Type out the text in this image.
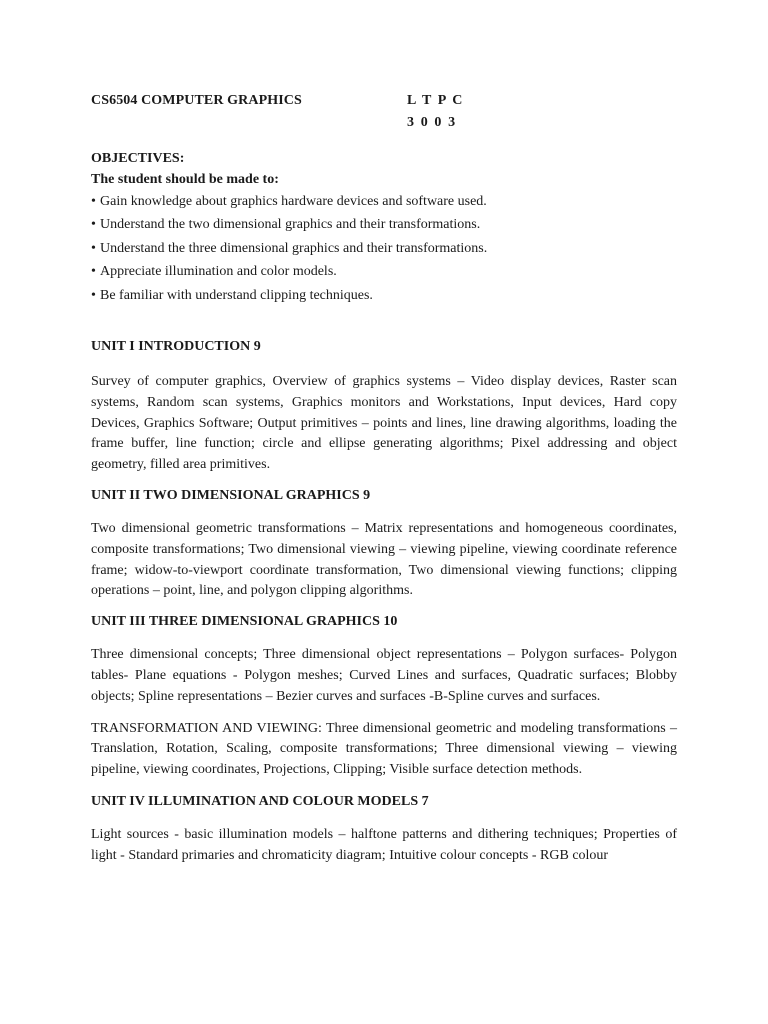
CS6504 COMPUTER GRAPHICS	L T P C
3 0 0 3
OBJECTIVES:
The student should be made to:
• Gain knowledge about graphics hardware devices and software used.
• Understand the two dimensional graphics and their transformations.
• Understand the three dimensional graphics and their transformations.
• Appreciate illumination and color models.
• Be familiar with understand clipping techniques.
UNIT I INTRODUCTION 9

Survey of computer graphics, Overview of graphics systems – Video display devices, Raster scan systems, Random scan systems, Graphics monitors and Workstations, Input devices, Hard copy Devices, Graphics Software; Output primitives – points and lines, line drawing algorithms, loading the frame buffer, line function; circle and ellipse generating algorithms; Pixel addressing and object geometry, filled area primitives.

UNIT II TWO DIMENSIONAL GRAPHICS 9

Two dimensional geometric transformations – Matrix representations and homogeneous coordinates, composite transformations; Two dimensional viewing – viewing pipeline, viewing coordinate reference frame; widow-to-viewport coordinate transformation, Two dimensional viewing functions; clipping operations – point, line, and polygon clipping algorithms.

UNIT III THREE DIMENSIONAL GRAPHICS 10

Three dimensional concepts; Three dimensional object representations – Polygon surfaces- Polygon tables- Plane equations - Polygon meshes; Curved Lines and surfaces, Quadratic surfaces; Blobby objects; Spline representations – Bezier curves and surfaces -B-Spline curves and surfaces.

TRANSFORMATION AND VIEWING: Three dimensional geometric and modeling transformations – Translation, Rotation, Scaling, composite transformations; Three dimensional viewing – viewing pipeline, viewing coordinates, Projections, Clipping; Visible surface detection methods.

UNIT IV ILLUMINATION AND COLOUR MODELS 7

Light sources - basic illumination models – halftone patterns and dithering techniques; Properties of light - Standard primaries and chromaticity diagram; Intuitive colour concepts - RGB colour
